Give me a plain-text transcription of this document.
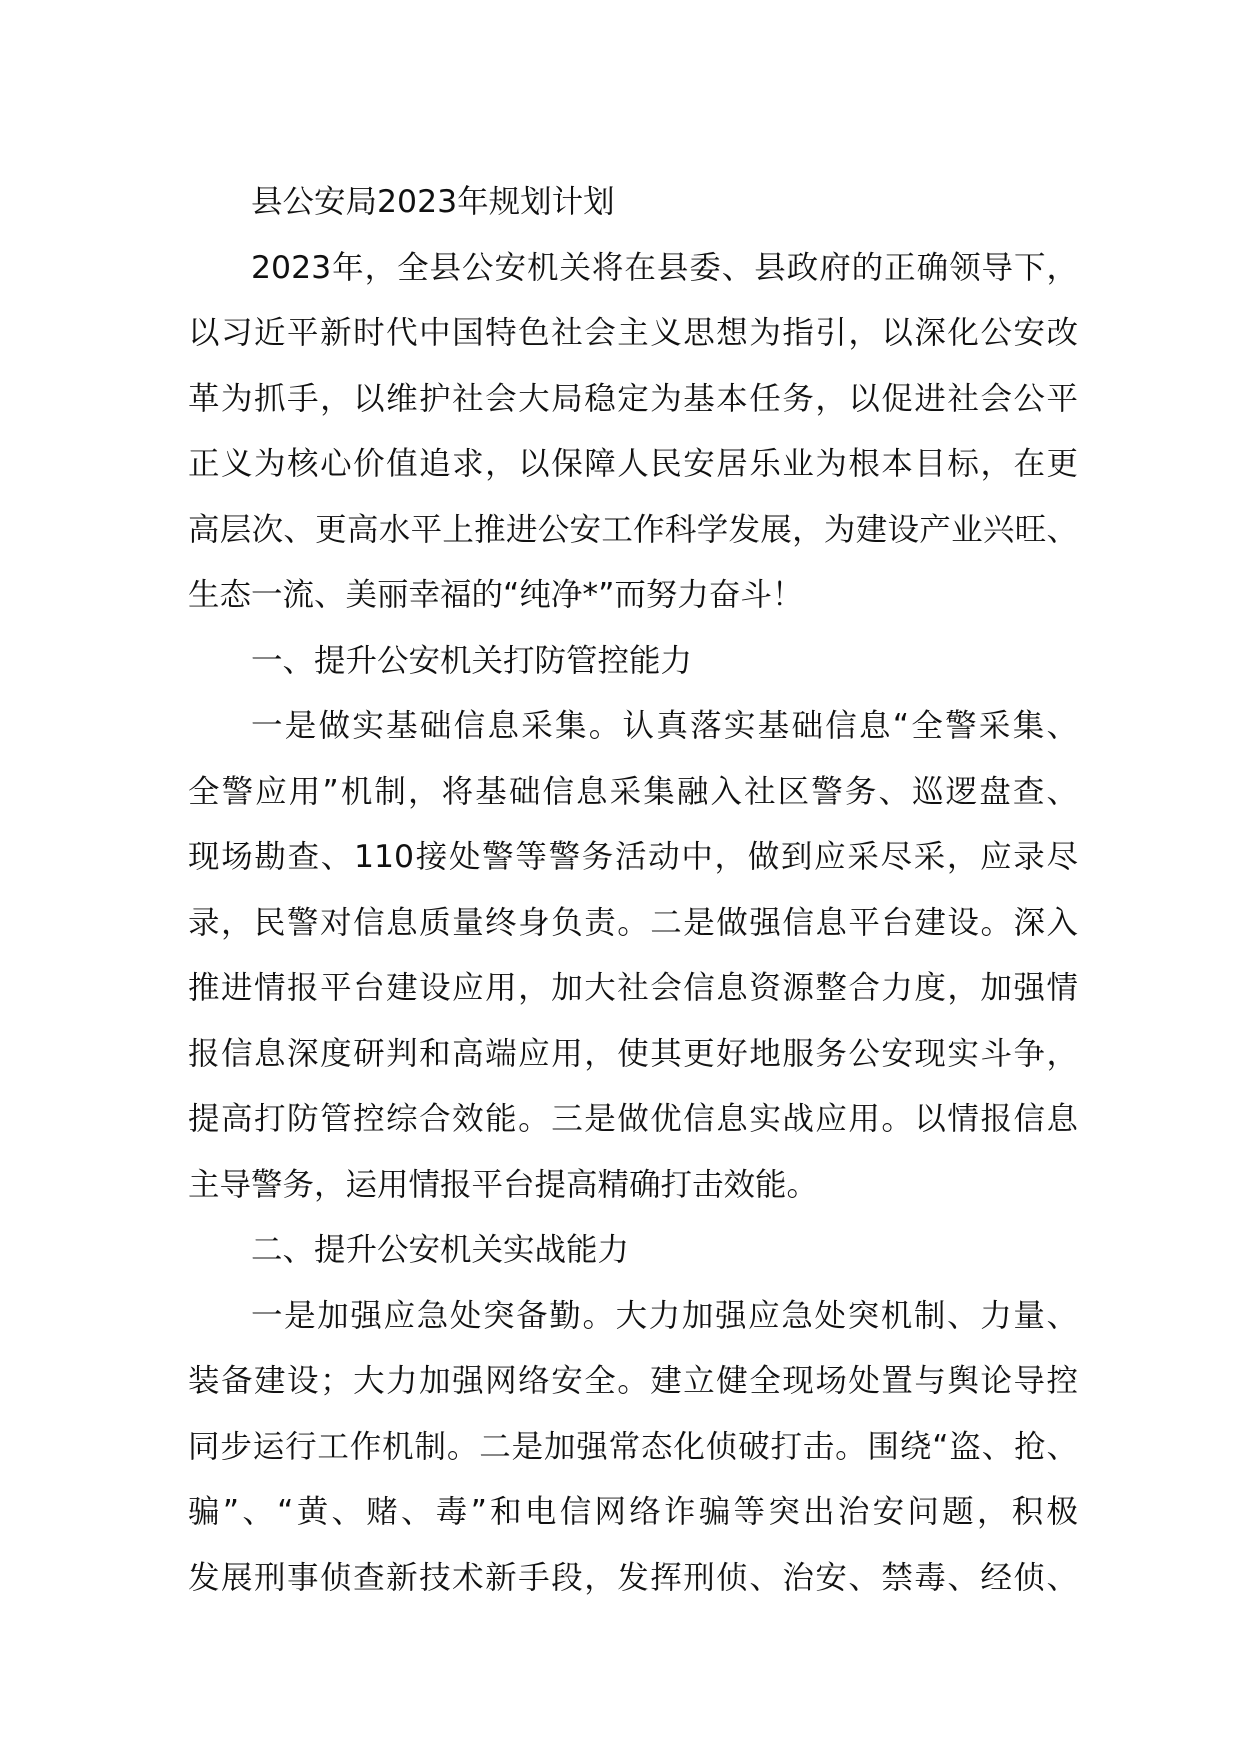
县公安局2023年规划计划
2023年，全县公安机关将在县委、县政府的正确领导下，
以习近平新时代中国特色社会主义思想为指引，以深化公安改
革为抓手，以维护社会大局稳定为基本任务，以促进社会公平
正义为核心价值追求，以保障人民安居乐业为根本目标，在更
高层次、更高水平上推进公安工作科学发展，为建设产业兴旺、
生态一流、美丽幸福的“纯净*”而努力奋斗！
一、提升公安机关打防管控能力
一是做实基础信息采集。认真落实基础信息“全警采集、
全警应用”机制，将基础信息采集融入社区警务、巡逻盘查、
现场勘查、110接处警等警务活动中，做到应采尽采，应录尽
录，民警对信息质量终身负责。二是做强信息平台建设。深入
推进情报平台建设应用，加大社会信息资源整合力度，加强情
报信息深度研判和高端应用，使其更好地服务公安现实斗争，
提高打防管控综合效能。三是做优信息实战应用。以情报信息
主导警务，运用情报平台提高精确打击效能。
二、提升公安机关实战能力
一是加强应急处突备勤。大力加强应急处突机制、力量、
装备建设；大力加强网络安全。建立健全现场处置与舆论导控
同步运行工作机制。二是加强常态化侦破打击。围绕“盗、抢、
骗”、“黄、赌、毒”和电信网络诈骗等突出治安问题，积极
发展刑事侦查新技术新手段，发挥刑侦、治安、禁毒、经侦、
